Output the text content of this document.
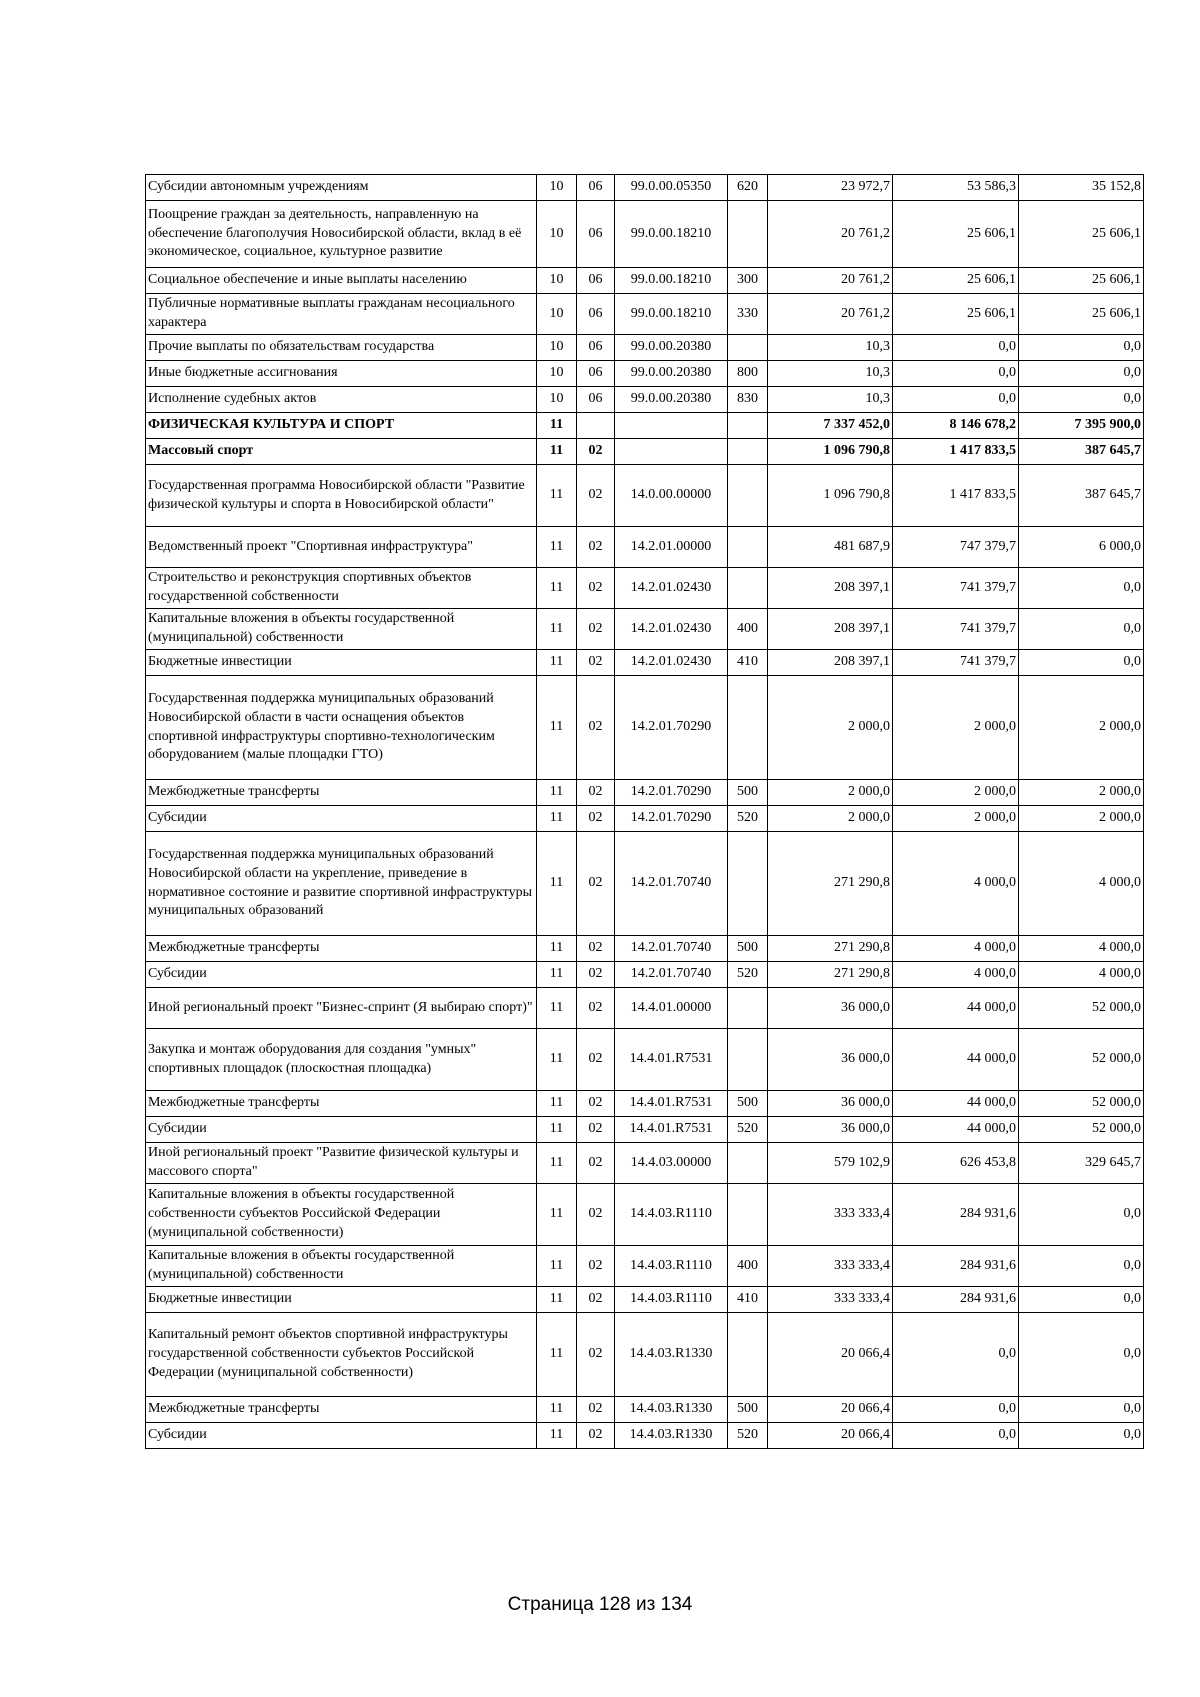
Субсидии автономным учреждениям	10	06	99.0.00.05350	620	23 972,7	53 586,3	35 152,8
Поощрение граждан за деятельность, направленную на обеспечение благополучия Новосибирской области, вклад в её экономическое, социальное, культурное развитие	10	06	99.0.00.18210		20 761,2	25 606,1	25 606,1
Социальное обеспечение и иные выплаты населению	10	06	99.0.00.18210	300	20 761,2	25 606,1	25 606,1
Публичные нормативные выплаты гражданам несоциального характера	10	06	99.0.00.18210	330	20 761,2	25 606,1	25 606,1
Прочие выплаты по обязательствам государства	10	06	99.0.00.20380		10,3	0,0	0,0
Иные бюджетные ассигнования	10	06	99.0.00.20380	800	10,3	0,0	0,0
Исполнение судебных актов	10	06	99.0.00.20380	830	10,3	0,0	0,0
ФИЗИЧЕСКАЯ КУЛЬТУРА И СПОРТ	11				7 337 452,0	8 146 678,2	7 395 900,0
Массовый спорт	11	02			1 096 790,8	1 417 833,5	387 645,7
Государственная программа Новосибирской области "Развитие физической культуры и спорта в Новосибирской области"	11	02	14.0.00.00000		1 096 790,8	1 417 833,5	387 645,7
Ведомственный проект "Спортивная инфраструктура"	11	02	14.2.01.00000		481 687,9	747 379,7	6 000,0
Строительство и реконструкция спортивных объектов государственной собственности	11	02	14.2.01.02430		208 397,1	741 379,7	0,0
Капитальные вложения в объекты государственной (муниципальной) собственности	11	02	14.2.01.02430	400	208 397,1	741 379,7	0,0
Бюджетные инвестиции	11	02	14.2.01.02430	410	208 397,1	741 379,7	0,0
Государственная поддержка муниципальных образований Новосибирской области в части оснащения объектов спортивной инфраструктуры спортивно-технологическим оборудованием (малые площадки ГТО)	11	02	14.2.01.70290		2 000,0	2 000,0	2 000,0
Межбюджетные трансферты	11	02	14.2.01.70290	500	2 000,0	2 000,0	2 000,0
Субсидии	11	02	14.2.01.70290	520	2 000,0	2 000,0	2 000,0
Государственная поддержка муниципальных образований Новосибирской области на укрепление, приведение в нормативное состояние и развитие спортивной инфраструктуры муниципальных образований	11	02	14.2.01.70740		271 290,8	4 000,0	4 000,0
Межбюджетные трансферты	11	02	14.2.01.70740	500	271 290,8	4 000,0	4 000,0
Субсидии	11	02	14.2.01.70740	520	271 290,8	4 000,0	4 000,0
Иной региональный проект "Бизнес-спринт (Я выбираю спорт)"	11	02	14.4.01.00000		36 000,0	44 000,0	52 000,0
Закупка и монтаж оборудования для создания "умных" спортивных площадок (плоскостная площадка)	11	02	14.4.01.R7531		36 000,0	44 000,0	52 000,0
Межбюджетные трансферты	11	02	14.4.01.R7531	500	36 000,0	44 000,0	52 000,0
Субсидии	11	02	14.4.01.R7531	520	36 000,0	44 000,0	52 000,0
Иной региональный проект "Развитие физической культуры и массового спорта"	11	02	14.4.03.00000		579 102,9	626 453,8	329 645,7
Капитальные вложения в объекты государственной собственности субъектов Российской Федерации (муниципальной собственности)	11	02	14.4.03.R1110		333 333,4	284 931,6	0,0
Капитальные вложения в объекты государственной (муниципальной) собственности	11	02	14.4.03.R1110	400	333 333,4	284 931,6	0,0
Бюджетные инвестиции	11	02	14.4.03.R1110	410	333 333,4	284 931,6	0,0
Капитальный ремонт объектов спортивной инфраструктуры государственной собственности субъектов Российской Федерации (муниципальной собственности)	11	02	14.4.03.R1330		20 066,4	0,0	0,0
Межбюджетные трансферты	11	02	14.4.03.R1330	500	20 066,4	0,0	0,0
Субсидии	11	02	14.4.03.R1330	520	20 066,4	0,0	0,0
Страница 128 из 134
